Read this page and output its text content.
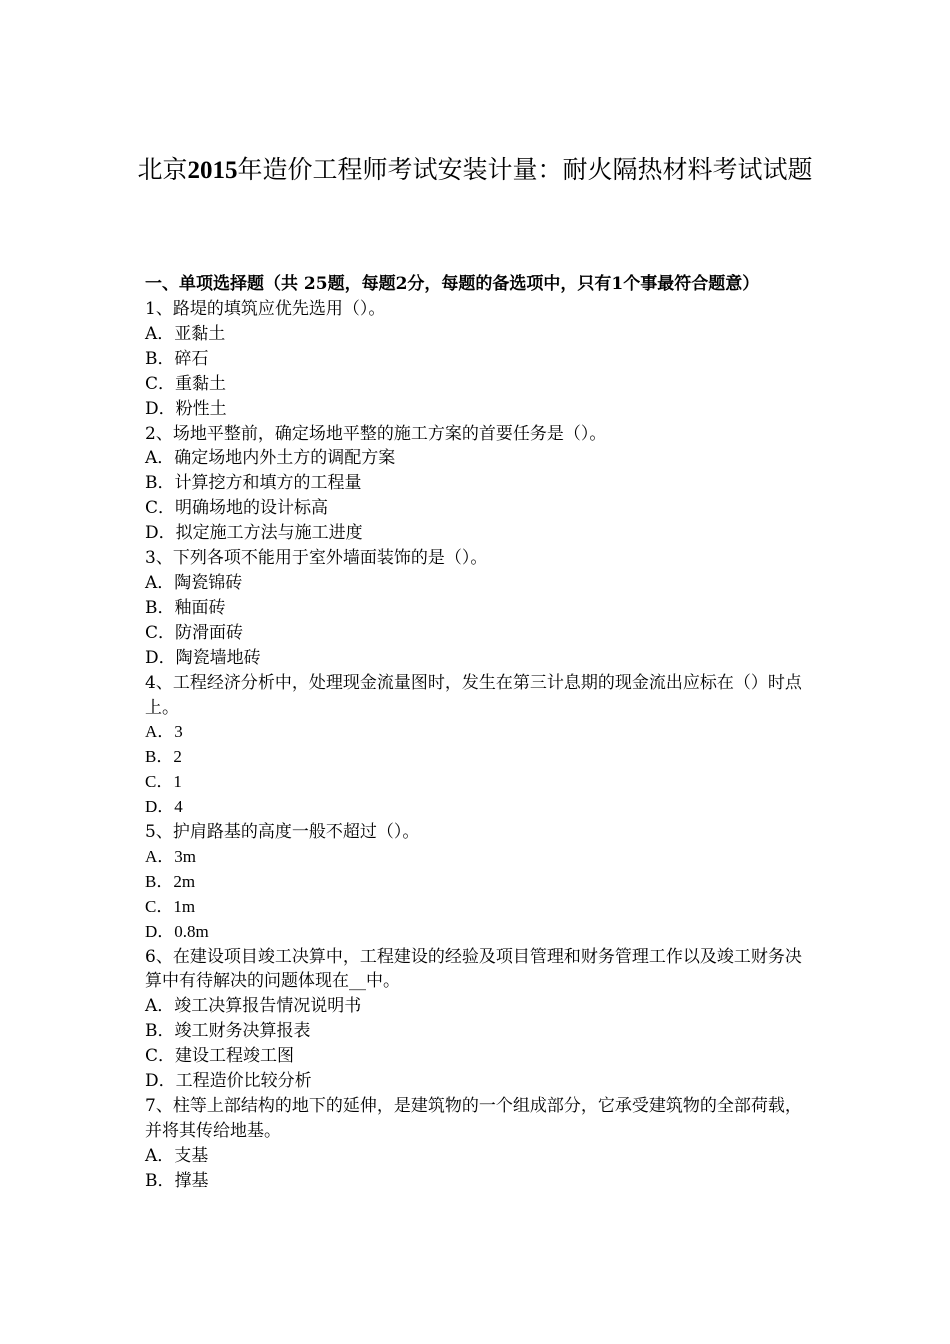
北京2015年造价工程师考试安装计量：耐火隔热材料考试试题

一、单项选择题（共 25题，每题2分，每题的备选项中，只有1个事最符合题意）

1、路堤的填筑应优先选用（）。

A．亚黏土

B．碎石

C．重黏土

D．粉性土

2、场地平整前，确定场地平整的施工方案的首要任务是（）。

A．确定场地内外土方的调配方案

B．计算挖方和填方的工程量

C．明确场地的设计标高

D．拟定施工方法与施工进度

3、下列各项不能用于室外墙面装饰的是（）。

A．陶瓷锦砖

B．釉面砖

C．防滑面砖

D．陶瓷墙地砖

4、工程经济分析中，处理现金流量图时，发生在第三计息期的现金流出应标在（）时点上。

A．3

B．2

C．1

D．4

5、护肩路基的高度一般不超过（）。

A．3m

B．2m

C．1m

D．0.8m

6、在建设项目竣工决算中，工程建设的经验及项目管理和财务管理工作以及竣工财务决算中有待解决的问题体现在__中。

A．竣工决算报告情况说明书

B．竣工财务决算报表

C．建设工程竣工图

D．工程造价比较分析

7、柱等上部结构的地下的延伸，是建筑物的一个组成部分，它承受建筑物的全部荷载，并将其传给地基。

A．支基

B．撑基
